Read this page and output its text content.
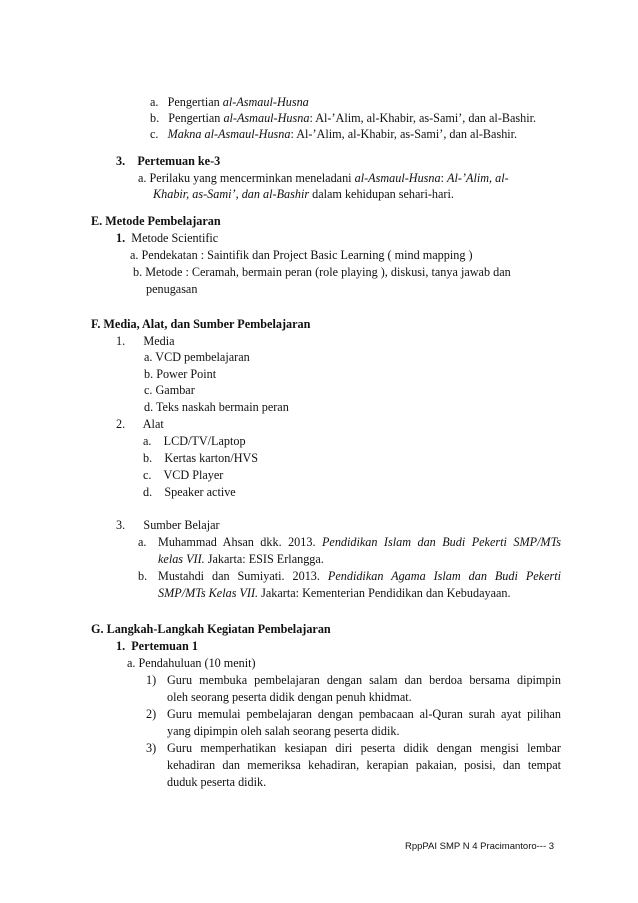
a. Pengertian al-Asmaul-Husna
b. Pengertian al-Asmaul-Husna: Al-’Alim, al-Khabir, as-Sami’, dan al-Bashir.
c. Makna al-Asmaul-Husna: Al-’Alim, al-Khabir, as-Sami’, dan al-Bashir.
3. Pertemuan ke-3
a. Perilaku yang mencerminkan meneladani al-Asmaul-Husna: Al-’Alim, al-
Khabir, as-Sami’, dan al-Bashir dalam kehidupan sehari-hari.
E. Metode Pembelajaran
1. Metode Scientific
a. Pendekatan : Saintifik dan Project Basic Learning ( mind mapping )
b. Metode : Ceramah, bermain peran (role playing ), diskusi, tanya jawab dan
penugasan
F. Media, Alat, dan Sumber Pembelajaran
1. Media
a. VCD pembelajaran
b. Power Point
c. Gambar
d. Teks naskah bermain peran
2. Alat
a. LCD/TV/Laptop
b. Kertas karton/HVS
c. VCD Player
d. Speaker active
3. Sumber Belajar
a. Muhammad Ahsan dkk. 2013. Pendidikan Islam dan Budi Pekerti SMP/MTs
kelas VII. Jakarta: ESIS Erlangga.
b. Mustahdi dan Sumiyati. 2013. Pendidikan Agama Islam dan Budi Pekerti
SMP/MTs Kelas VII. Jakarta: Kementerian Pendidikan dan Kebudayaan.
G. Langkah-Langkah Kegiatan Pembelajaran
1. Pertemuan 1
a. Pendahuluan (10 menit)
1) Guru membuka pembelajaran dengan salam dan berdoa bersama dipimpin
oleh seorang peserta didik dengan penuh khidmat.
2) Guru memulai pembelajaran dengan pembacaan al-Quran surah ayat pilihan
yang dipimpin oleh salah seorang peserta didik.
3) Guru memperhatikan kesiapan diri peserta didik dengan mengisi lembar
kehadiran dan memeriksa kehadiran, kerapian pakaian, posisi, dan tempat
duduk peserta didik.
RppPAI SMP N 4 Pracimantoro--- 3
